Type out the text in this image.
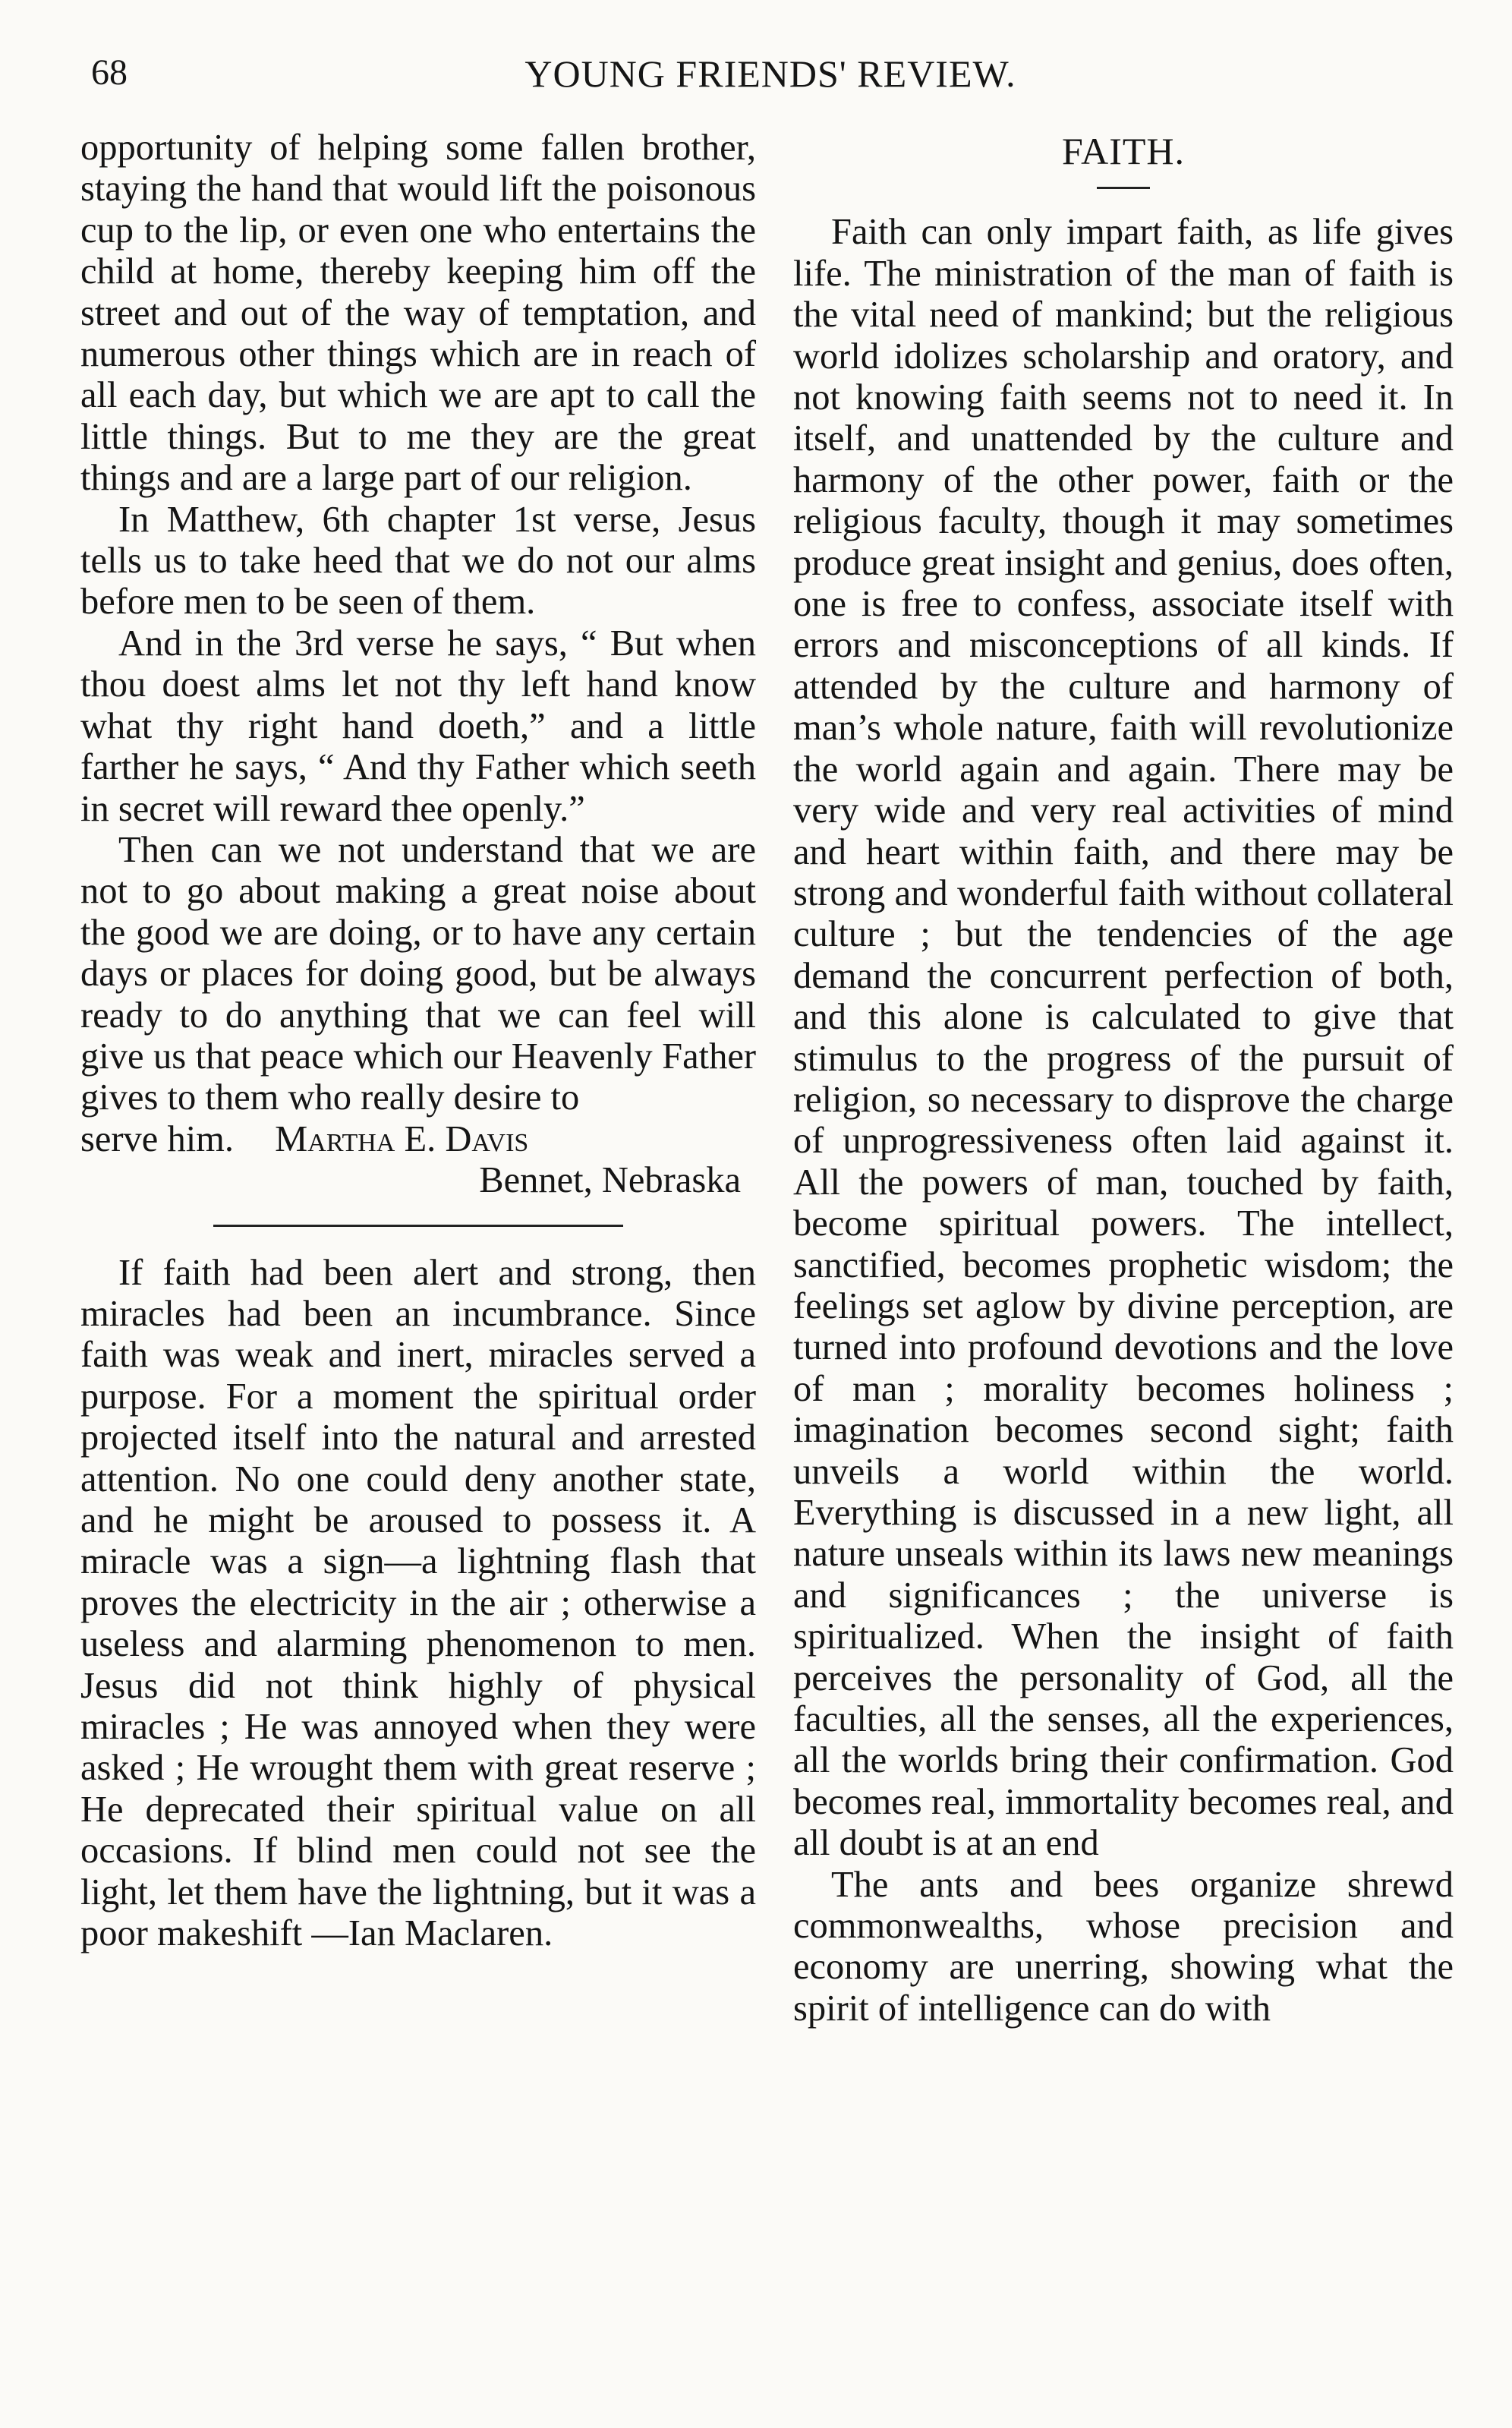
68	YOUNG FRIENDS' REVIEW.

opportunity of helping some fallen brother, staying the hand that would lift the poisonous cup to the lip, or even one who entertains the child at home, thereby keeping him off the street and out of the way of temptation, and numerous other things which are in reach of all each day, but which we are apt to call the little things. But to me they are the great things and are a large part of our religion.

In Matthew, 6th chapter 1st verse, Jesus tells us to take heed that we do not our alms before men to be seen of them.

And in the 3rd verse he says, “ But when thou doest alms let not thy left hand know what thy right hand doeth,” and a little farther he says, “ And thy Father which seeth in secret will reward thee openly.”

Then can we not understand that we are not to go about making a great noise about the good we are doing, or to have any certain days or places for doing good, but be always ready to do anything that we can feel will give us that peace which our Heavenly Father gives to them who really desire to

serve him. Martha E. Davis
Bennet, Nebraska

If faith had been alert and strong, then miracles had been an incumbrance. Since faith was weak and inert, miracles served a purpose. For a moment the spiritual order projected itself into the natural and arrested attention. No one could deny another state, and he might be aroused to possess it. A miracle was a sign—a lightning flash that proves the electricity in the air ; otherwise a useless and alarming phenomenon to men. Jesus did not think highly of physical miracles ; He was annoyed when they were asked ; He wrought them with great reserve ; He deprecated their spiritual value on all occasions. If blind men could not see the light, let them have the lightning, but it was a poor makeshift —Ian Maclaren.

FAITH.

Faith can only impart faith, as life gives life. The ministration of the man of faith is the vital need of mankind; but the religious world idolizes scholarship and oratory, and not knowing faith seems not to need it. In itself, and unattended by the culture and harmony of the other power, faith or the religious faculty, though it may sometimes produce great insight and genius, does often, one is free to confess, associate itself with errors and misconceptions of all kinds. If attended by the culture and harmony of man’s whole nature, faith will revolutionize the world again and again. There may be very wide and very real activities of mind and heart within faith, and there may be strong and wonderful faith without collateral culture ; but the tendencies of the age demand the concurrent perfection of both, and this alone is calculated to give that stimulus to the progress of the pursuit of religion, so necessary to disprove the charge of unprogressiveness often laid against it. All the powers of man, touched by faith, become spiritual powers. The intellect, sanctified, becomes prophetic wisdom; the feelings set aglow by divine perception, are turned into profound devotions and the love of man ; morality becomes holiness ; imagination becomes second sight; faith unveils a world within the world. Everything is discussed in a new light, all nature unseals within its laws new meanings and significances ; the universe is spiritualized. When the insight of faith perceives the personality of God, all the faculties, all the senses, all the experiences, all the worlds bring their confirmation. God becomes real, immortality becomes real, and all doubt is at an end

The ants and bees organize shrewd commonwealths, whose precision and economy are unerring, showing what the spirit of intelligence can do with
